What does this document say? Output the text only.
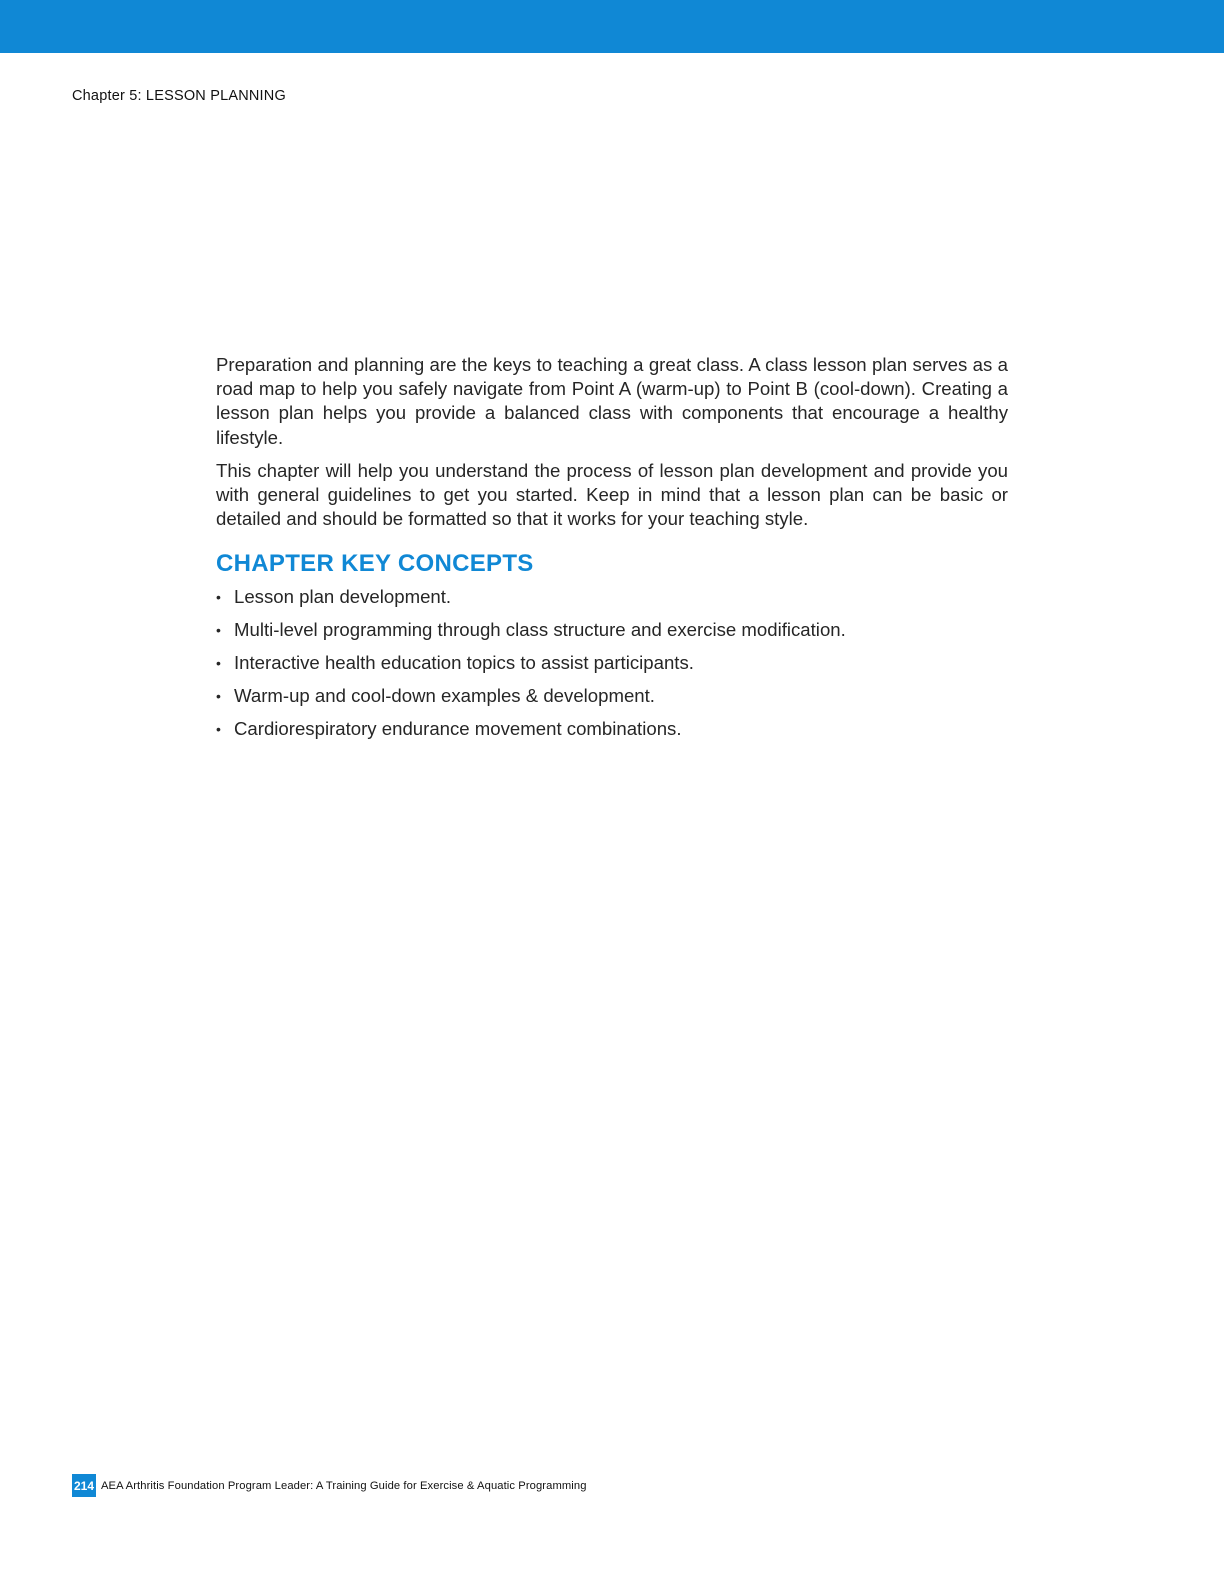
Chapter 5: LESSON PLANNING

Preparation and planning are the keys to teaching a great class. A class lesson plan serves as a road map to help you safely navigate from Point A (warm-up) to Point B (cool-down). Creating a lesson plan helps you provide a balanced class with components that encourage a healthy lifestyle.

This chapter will help you understand the process of lesson plan development and provide you with general guidelines to get you started. Keep in mind that a lesson plan can be basic or detailed and should be formatted so that it works for your teaching style.

CHAPTER KEY CONCEPTS
• Lesson plan development.
• Multi-level programming through class structure and exercise modification.
• Interactive health education topics to assist participants.
• Warm-up and cool-down examples & development.
• Cardiorespiratory endurance movement combinations.
214 AEA Arthritis Foundation Program Leader: A Training Guide for Exercise & Aquatic Programming
